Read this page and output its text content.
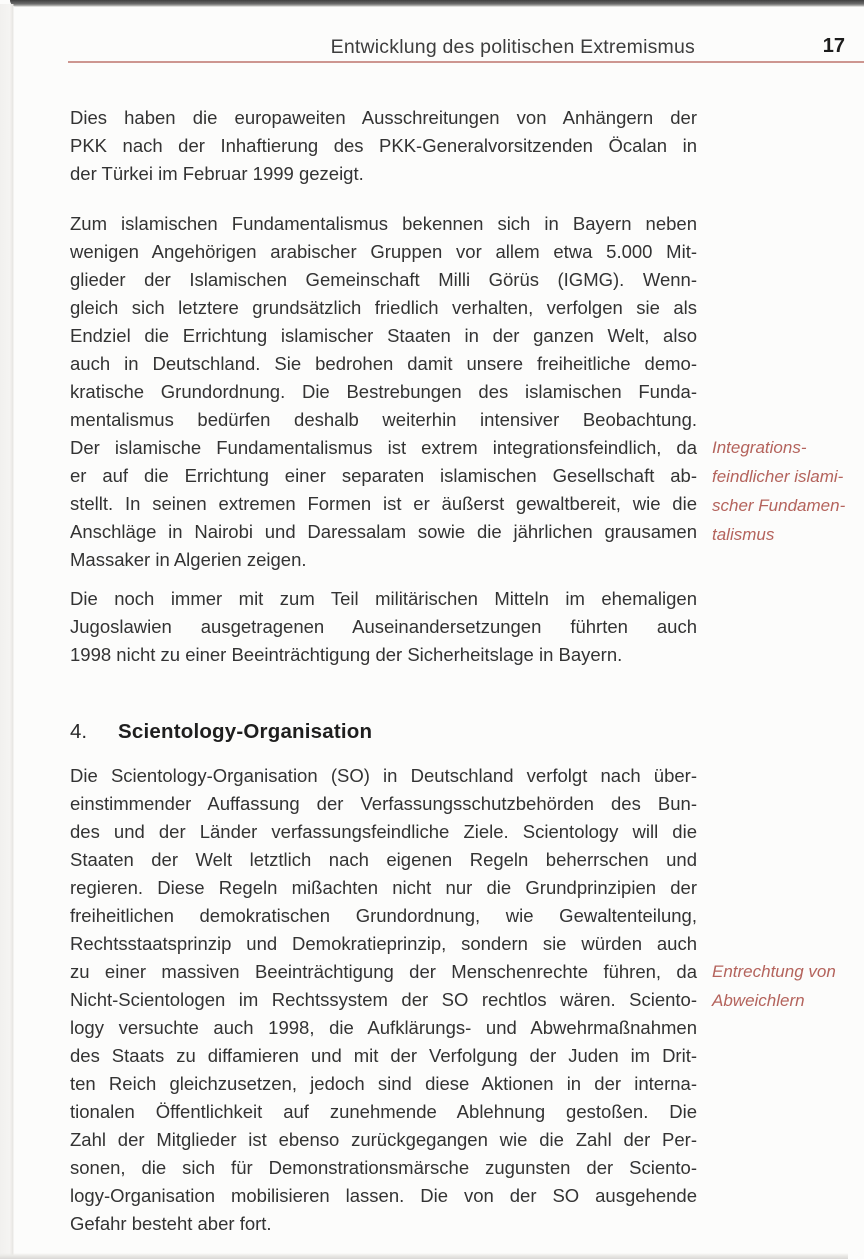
Entwicklung des politischen Extremismus	17
Dies haben die europaweiten Ausschreitungen von Anhängern der
PKK nach der Inhaftierung des PKK-Generalvorsitzenden Öcalan in
der Türkei im Februar 1999 gezeigt.
Zum islamischen Fundamentalismus bekennen sich in Bayern neben
wenigen Angehörigen arabischer Gruppen vor allem etwa 5.000 Mit-
glieder der Islamischen Gemeinschaft Milli Görüs (IGMG). Wenn-
gleich sich letztere grundsätzlich friedlich verhalten, verfolgen sie als
Endziel die Errichtung islamischer Staaten in der ganzen Welt, also
auch in Deutschland. Sie bedrohen damit unsere freiheitliche demo-
kratische Grundordnung. Die Bestrebungen des islamischen Funda-
mentalismus bedürfen deshalb weiterhin intensiver Beobachtung.
Der islamische Fundamentalismus ist extrem integrationsfeindlich, da
er auf die Errichtung einer separaten islamischen Gesellschaft ab-
stellt. In seinen extremen Formen ist er äußerst gewaltbereit, wie die
Anschläge in Nairobi und Daressalam sowie die jährlichen grausamen
Massaker in Algerien zeigen.
Die noch immer mit zum Teil militärischen Mitteln im ehemaligen
Jugoslawien ausgetragenen Auseinandersetzungen führten auch
1998 nicht zu einer Beeinträchtigung der Sicherheitslage in Bayern.
4.	Scientology-Organisation
Die Scientology-Organisation (SO) in Deutschland verfolgt nach über-
einstimmender Auffassung der Verfassungsschutzbehörden des Bun-
des und der Länder verfassungsfeindliche Ziele. Scientology will die
Staaten der Welt letztlich nach eigenen Regeln beherrschen und
regieren. Diese Regeln mißachten nicht nur die Grundprinzipien der
freiheitlichen demokratischen Grundordnung, wie Gewaltenteilung,
Rechtsstaatsprinzip und Demokratieprinzip, sondern sie würden auch
zu einer massiven Beeinträchtigung der Menschenrechte führen, da
Nicht-Scientologen im Rechtssystem der SO rechtlos wären. Sciento-
logy versuchte auch 1998, die Aufklärungs- und Abwehrmaßnahmen
des Staats zu diffamieren und mit der Verfolgung der Juden im Drit-
ten Reich gleichzusetzen, jedoch sind diese Aktionen in der interna-
tionalen Öffentlichkeit auf zunehmende Ablehnung gestoßen. Die
Zahl der Mitglieder ist ebenso zurückgegangen wie die Zahl der Per-
sonen, die sich für Demonstrationsmärsche zugunsten der Sciento-
logy-Organisation mobilisieren lassen. Die von der SO ausgehende
Gefahr besteht aber fort.
Integrations-
feindlicher islami-
scher Fundamen-
talismus
Entrechtung von
Abweichlern
